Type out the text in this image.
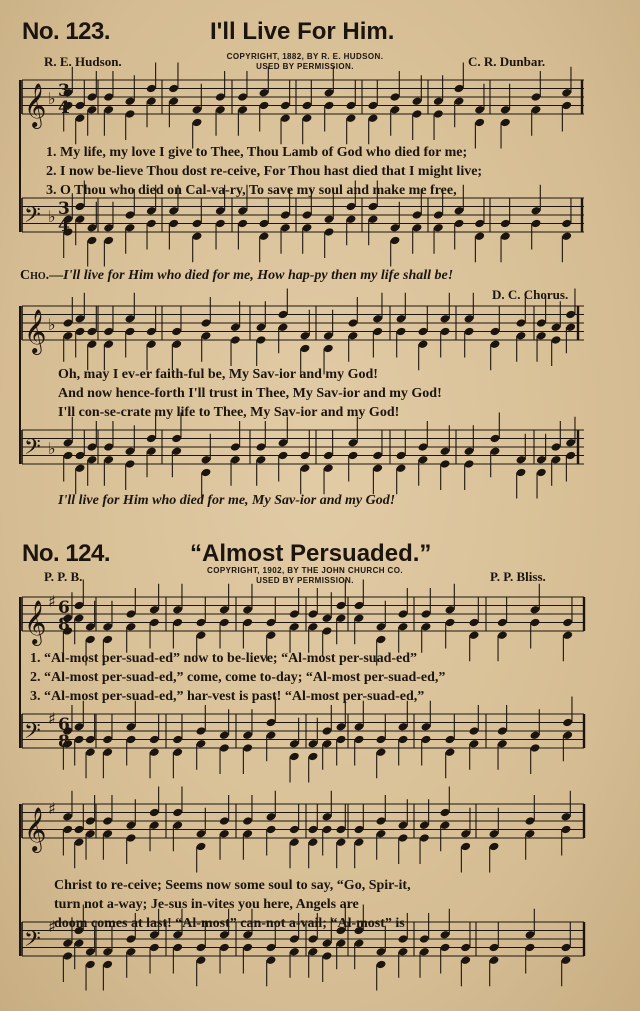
𝄞 ♭ 3
4
𝄢 ♭ 3
4
𝄞 ♭
𝄢 ♭
𝄞 ♯ 6
8
𝄢
♯ 6
8
𝄞 ♯
𝄢
♯
No. 123.	I'll Live For Him.
COPYRIGHT, 1882, BY R. E. HUDSON.
USED BY PERMISSION.
R. E. Hudson.	C. R. Dunbar.
1. My life, my love I give to Thee, Thou Lamb of God who died for me;
2. I now be-lieve Thou dost re-ceive, For Thou hast died that I might live;
3. O Thou who died on Cal-va-ry, To save my soul and make me free,
Cho.—I'll live for Him who died for me, How hap-py then my life shall be!
D. C. Chorus.
Oh, may I ev-er faith-ful be, My Sav-ior and my God!
And now hence-forth I'll trust in Thee, My Sav-ior and my God!
I'll con-se-crate my life to Thee, My Sav-ior and my God!
I'll live for Him who died for me, My Sav-ior and my God!
No. 124.	“Almost Persuaded.”
COPYRIGHT, 1902, BY THE JOHN CHURCH CO.
USED BY PERMISSION.
P. P. B.	P. P. Bliss.
1. “Al-most per-suad-ed” now to be-lieve; “Al-most per-suad-ed”
2. “Al-most per-suad-ed,” come, come to-day; “Al-most per-suad-ed,”
3. “Al-most per-suad-ed,” har-vest is past! “Al-most per-suad-ed,”
Christ to re-ceive; Seems now some soul to say, “Go, Spir-it,
turn not a-way; Je-sus in-vites you here, Angels are
doom comes at last! “Al-most” can-not a-vail; “Al-most” is
